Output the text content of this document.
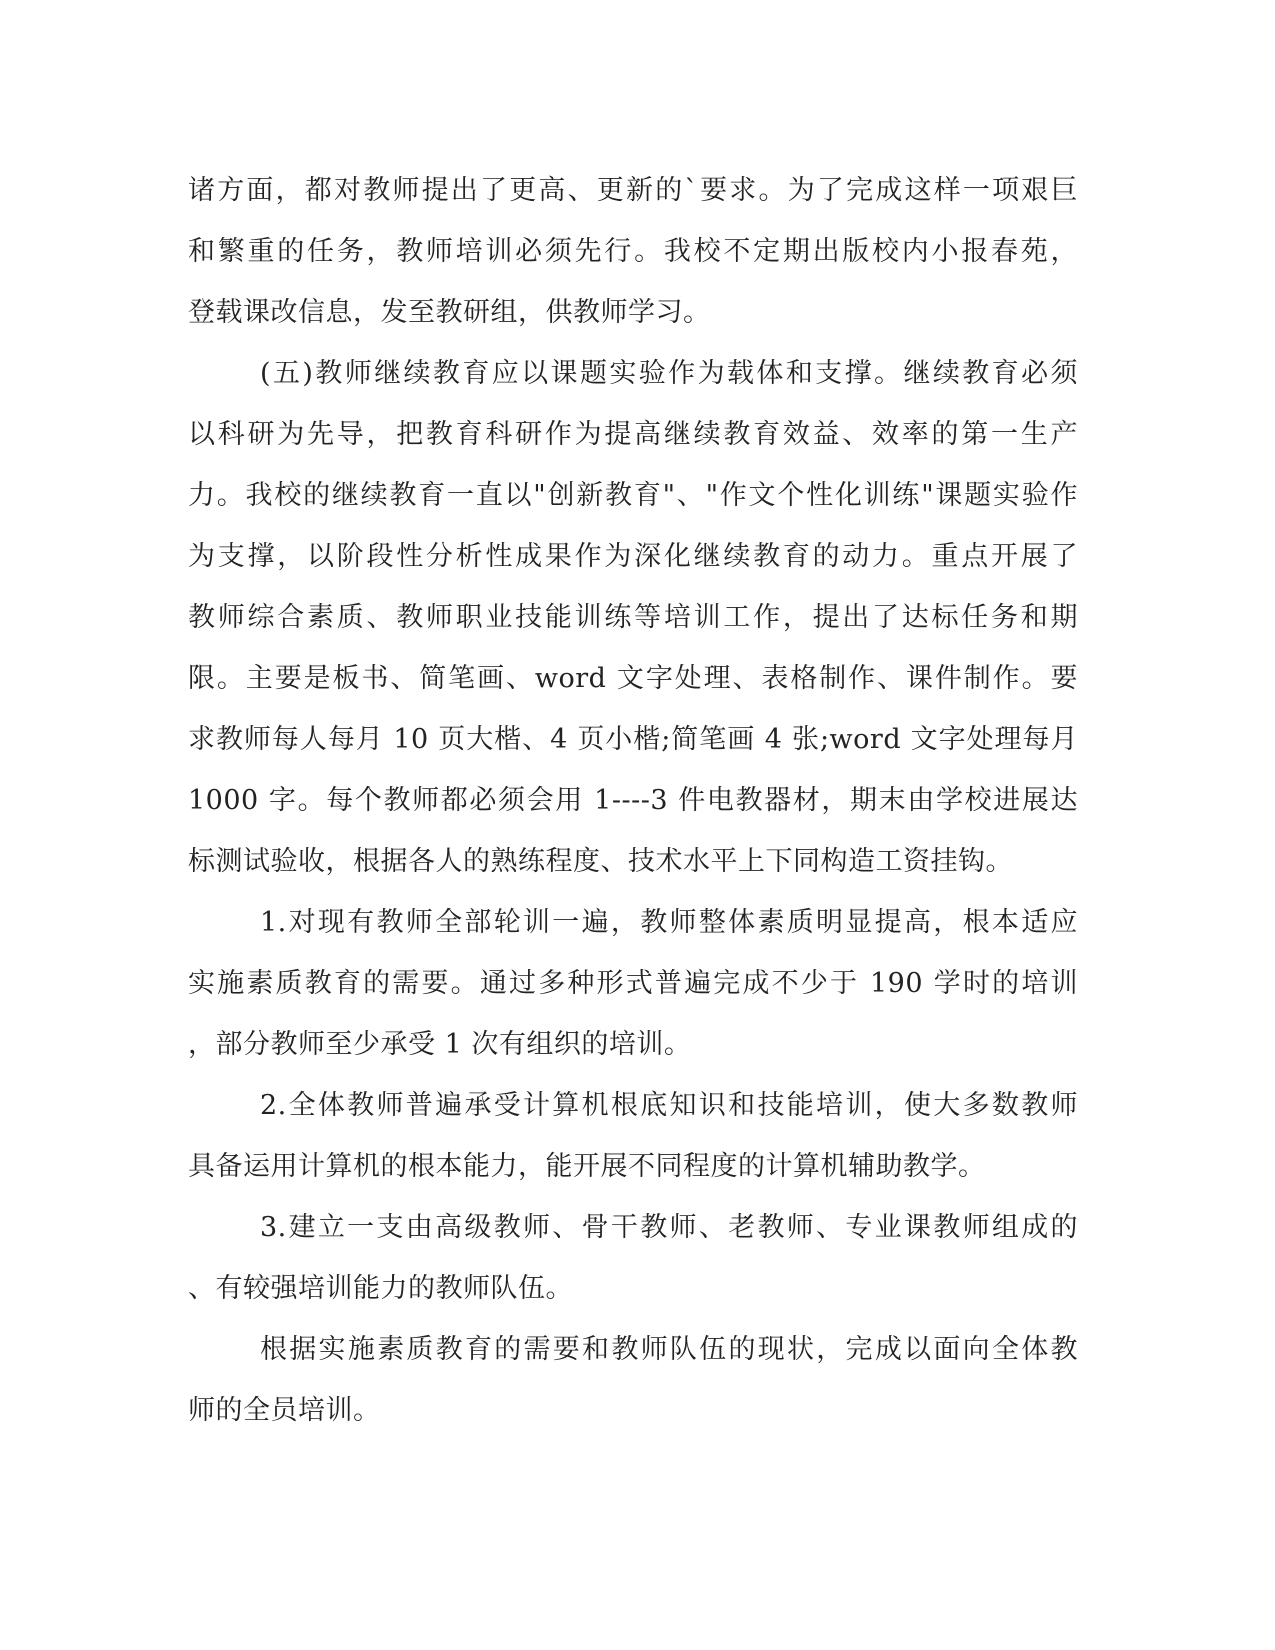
诸方面，都对教师提出了更高、更新的`要求。为了完成这样一项艰巨
和繁重的任务，教师培训必须先行。我校不定期出版校内小报春苑，
登载课改信息，发至教研组，供教师学习。
(五)教师继续教育应以课题实验作为载体和支撑。继续教育必须
以科研为先导，把教育科研作为提高继续教育效益、效率的第一生产
力。我校的继续教育一直以"创新教育"、"作文个性化训练"课题实验作
为支撑，以阶段性分析性成果作为深化继续教育的动力。重点开展了
教师综合素质、教师职业技能训练等培训工作，提出了达标任务和期
限。主要是板书、简笔画、word 文字处理、表格制作、课件制作。要
求教师每人每月 10 页大楷、4 页小楷;简笔画 4 张;word 文字处理每月
1000 字。每个教师都必须会用 1----3 件电教器材，期末由学校进展达
标测试验收，根据各人的熟练程度、技术水平上下同构造工资挂钩。
1.对现有教师全部轮训一遍，教师整体素质明显提高，根本适应
实施素质教育的需要。通过多种形式普遍完成不少于 190 学时的培训
，部分教师至少承受 1 次有组织的培训。
2.全体教师普遍承受计算机根底知识和技能培训，使大多数教师
具备运用计算机的根本能力，能开展不同程度的计算机辅助教学。
3.建立一支由高级教师、骨干教师、老教师、专业课教师组成的
、有较强培训能力的教师队伍。
根据实施素质教育的需要和教师队伍的现状，完成以面向全体教
师的全员培训。
